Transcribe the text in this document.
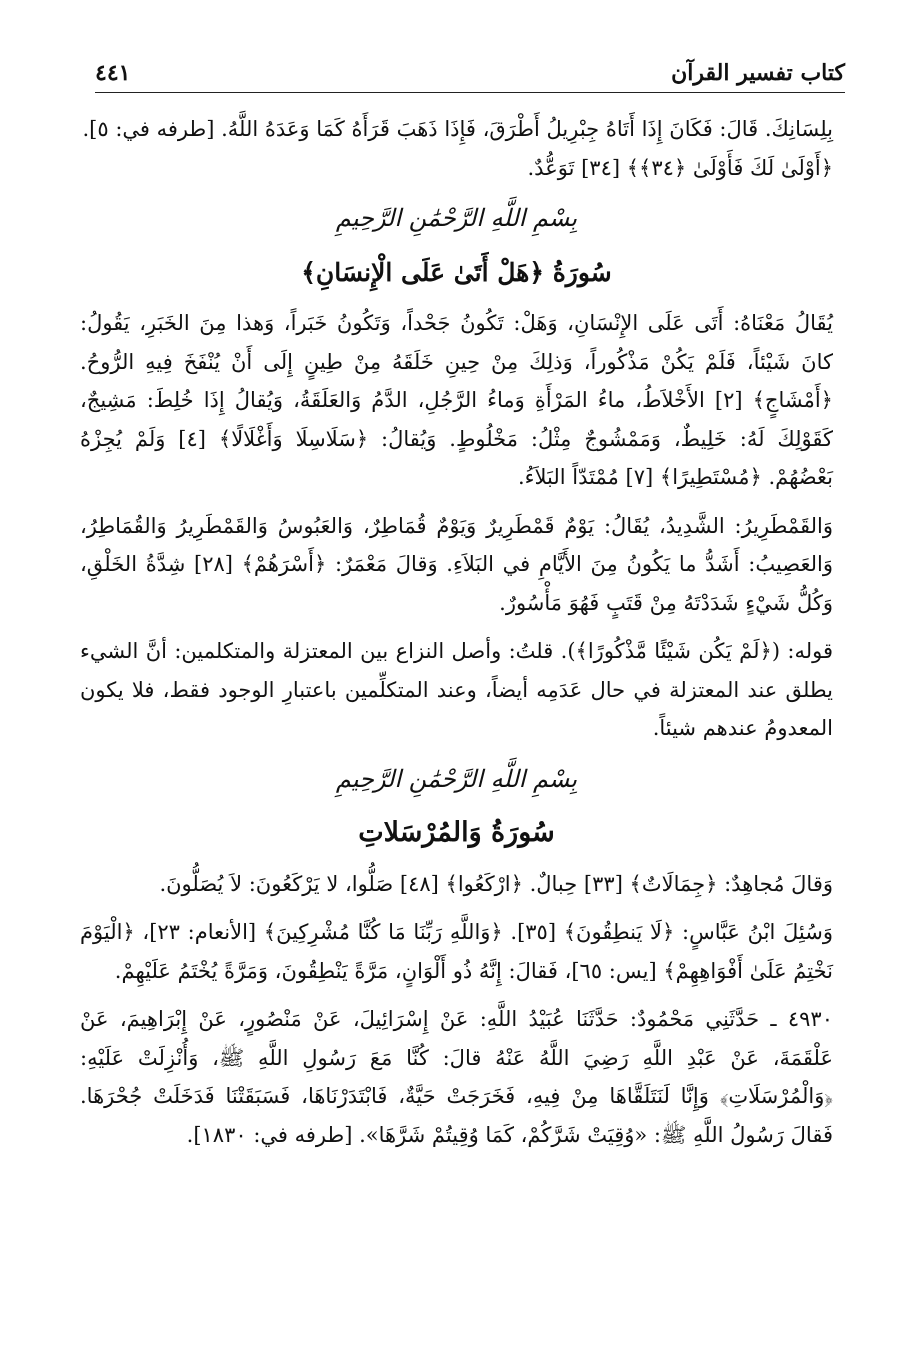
كتاب تفسير القرآن
٤٤١

بِلِسَانِكَ. قَالَ: فَكَانَ إِذَا أَتَاهُ جِبْرِيلُ أَطْرَقَ، فَإِذَا ذَهَبَ قَرَأَهُ كَمَا وَعَدَهُ اللَّهُ. [طرفه في: ٥].

﴿أَوْلَىٰ لَكَ فَأَوْلَىٰ ﴿٣٤﴾﴾ [٣٤] تَوَعُّدٌ.

بِسْمِ اللَّهِ الرَّحْمَٰنِ الرَّحِيمِ
سُورَةُ ﴿هَلْ أَتَىٰ عَلَى الْإِنسَانِ﴾

يُقَالُ مَعْنَاهُ: أَتَى عَلَى الإِنْسَانِ، وَهَلْ: تَكُونُ جَحْداً، وَتَكُونُ خَبَراً، وَهذا مِنَ الخَبَرِ، يَقُولُ: كانَ شَيْئاً، فَلَمْ يَكُنْ مَذْكُوراً، وَذلِكَ مِنْ حِينِ خَلَقَهُ مِنْ طِينٍ إِلَى أَنْ يُنْفَخَ فِيهِ الرُّوحُ. ﴿أَمْشَاجٍ﴾ [٢] الأَخْلاَطُ، ماءُ المَرْأَةِ وَماءُ الرَّجُلِ، الدَّمُ وَالعَلَقَةُ، وَيُقالُ إِذَا خُلِطَ: مَشِيجٌ، كَقَوْلِكَ لَهُ: خَلِيطٌ، وَمَمْشُوجٌ مِثْلُ: مَخْلُوطٍ. وَيُقالُ: ﴿سَلَاسِلَا وَأَغْلَالًا﴾ [٤] وَلَمْ يُجِزْهُ بَعْضُهُمْ. ﴿مُسْتَطِيرًا﴾ [٧] مُمْتَدّاً البَلاَءُ.

وَالقَمْطَرِيرُ: الشَّدِيدُ، يُقَالُ: يَوْمٌ قَمْطَرِيرٌ وَيَوْمٌ قُمَاطِرٌ، وَالعَبُوسُ وَالقَمْطَرِيرُ وَالقُمَاطِرُ، وَالعَصِيبُ: أَشَدُّ ما يَكُونُ مِنَ الأَيَّامِ في البَلاَءِ. وَقالَ مَعْمَرٌ: ﴿أَسْرَهُمْ﴾ [٢٨] شِدَّةُ الخَلْقِ، وَكُلُّ شَيْءٍ شَدَدْتَهُ مِنْ قَتَبٍ فَهُوَ مَأْسُورٌ.

قوله: (﴿لَمْ يَكُن شَيْئًا مَّذْكُورًا﴾). قلتُ: وأصل النزاع بين المعتزلة والمتكلمين: أنَّ الشيء يطلق عند المعتزلة في حال عَدَمِه أيضاً، وعند المتكلِّمين باعتبارِ الوجود فقط، فلا يكون المعدومُ عندهم شيئاً.

بِسْمِ اللَّهِ الرَّحْمَٰنِ الرَّحِيمِ
سُورَةُ وَالمُرْسَلاتِ

وَقالَ مُجاهِدٌ: ﴿جِمَالَاتٌ﴾ [٣٣] حِبالٌ. ﴿ارْكَعُوا﴾ [٤٨] صَلُّوا، لا يَرْكَعُونَ: لاَ يُصَلُّونَ.

وَسُئِلَ ابْنُ عَبَّاسٍ: ﴿لَا يَنطِقُونَ﴾ [٣٥]. ﴿وَاللَّهِ رَبِّنَا مَا كُنَّا مُشْرِكِينَ﴾ [الأنعام: ٢٣]، ﴿الْيَوْمَ نَخْتِمُ عَلَىٰ أَفْوَاهِهِمْ﴾ [يس: ٦٥]، فَقالَ: إِنَّهُ ذُو أَلْوَانٍ، مَرَّةً يَنْطِقُونَ، وَمَرَّةً يُخْتَمُ عَلَيْهِمْ.

٤٩٣٠ ـ حَدَّثَنِي مَحْمُودٌ: حَدَّثَنَا عُبَيْدُ اللَّهِ: عَنْ إِسْرَائِيلَ، عَنْ مَنْصُورٍ، عَنْ إِبْرَاهِيمَ، عَنْ عَلْقَمَةَ، عَنْ عَبْدِ اللَّهِ رَضِيَ اللَّهُ عَنْهُ قالَ: كُنَّا مَعَ رَسُولِ اللَّهِ ﷺ، وَأُنْزِلَتْ عَلَيْهِ: ﴿وَالْمُرْسَلَاتِ﴾ وَإِنَّا لَنَتَلَقَّاهَا مِنْ فِيهِ، فَخَرَجَتْ حَيَّةٌ، فَابْتَدَرْنَاهَا، فَسَبَقَتْنَا فَدَخَلَتْ جُحْرَهَا. فَقالَ رَسُولُ اللَّهِ ﷺ: «وُقِيَتْ شَرَّكُمْ، كَمَا وُقِيتُمْ شَرَّهَا». [طرفه في: ١٨٣٠].
